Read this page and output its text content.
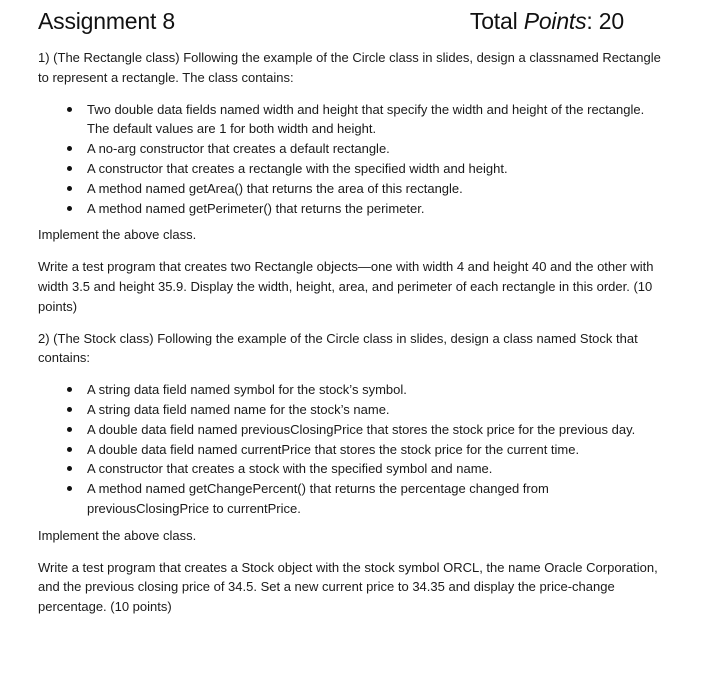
Assignment 8	Total Points: 20

1) (The Rectangle class) Following the example of the Circle class in slides, design a classnamed Rectangle to represent a rectangle. The class contains:

Two double data fields named width and height that specify the width and height of the rectangle. The default values are 1 for both width and height.
A no-arg constructor that creates a default rectangle.
A constructor that creates a rectangle with the specified width and height.
A method named getArea() that returns the area of this rectangle.
A method named getPerimeter() that returns the perimeter.

Implement the above class.

Write a test program that creates two Rectangle objects—one with width 4 and height 40 and the other with width 3.5 and height 35.9. Display the width, height, area, and perimeter of each rectangle in this order. (10 points)

2) (The Stock class) Following the example of the Circle class in slides, design a class named Stock that contains:

A string data field named symbol for the stock’s symbol.
A string data field named name for the stock’s name.
A double data field named previousClosingPrice that stores the stock price for the previous day.
A double data field named currentPrice that stores the stock price for the current time.
A constructor that creates a stock with the specified symbol and name.
A method named getChangePercent() that returns the percentage changed from previousClosingPrice to currentPrice.

Implement the above class.

Write a test program that creates a Stock object with the stock symbol ORCL, the name Oracle Corporation, and the previous closing price of 34.5. Set a new current price to 34.35 and display the price-change percentage. (10 points)
